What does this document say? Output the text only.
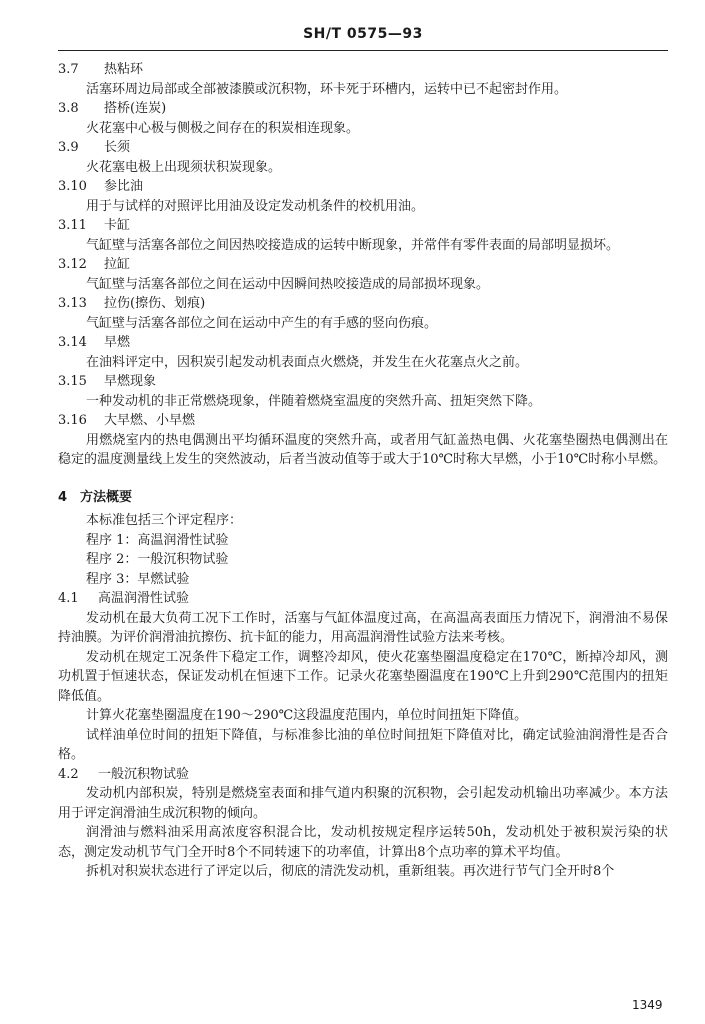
SH/T 0575—93

3.7 热粘环

活塞环周边局部或全部被漆膜或沉积物，环卡死于环槽内，运转中已不起密封作用。

3.8 搭桥(连炭)

火花塞中心极与侧极之间存在的积炭相连现象。

3.9 长须

火花塞电极上出现须状积炭现象。

3.10 参比油

用于与试样的对照评比用油及设定发动机条件的校机用油。

3.11 卡缸

气缸壁与活塞各部位之间因热咬接造成的运转中断现象，并常伴有零件表面的局部明显损坏。

3.12 拉缸

气缸壁与活塞各部位之间在运动中因瞬间热咬接造成的局部损坏现象。

3.13 拉伤(擦伤、划痕)

气缸壁与活塞各部位之间在运动中产生的有手感的竖向伤痕。

3.14 早燃

在油料评定中，因积炭引起发动机表面点火燃烧，并发生在火花塞点火之前。

3.15 早燃现象

一种发动机的非正常燃烧现象，伴随着燃烧室温度的突然升高、扭矩突然下降。

3.16 大早燃、小早燃

用燃烧室内的热电偶测出平均循环温度的突然升高，或者用气缸盖热电偶、火花塞垫圈热电偶测出在稳定的温度测量线上发生的突然波动，后者当波动值等于或大于10℃时称大早燃，小于10℃时称小早燃。

4 方法概要

本标准包括三个评定程序：

程序 1：高温润滑性试验

程序 2：一般沉积物试验

程序 3：早燃试验

4.1 高温润滑性试验

发动机在最大负荷工况下工作时，活塞与气缸体温度过高，在高温高表面压力情况下，润滑油不易保持油膜。为评价润滑油抗擦伤、抗卡缸的能力，用高温润滑性试验方法来考核。

发动机在规定工况条件下稳定工作，调整冷却风，使火花塞垫圈温度稳定在170℃，断掉冷却风，测功机置于恒速状态，保证发动机在恒速下工作。记录火花塞垫圈温度在190℃上升到290℃范围内的扭矩降低值。

计算火花塞垫圈温度在190～290℃这段温度范围内，单位时间扭矩下降值。

试样油单位时间的扭矩下降值，与标准参比油的单位时间扭矩下降值对比，确定试验油润滑性是否合格。

4.2 一般沉积物试验

发动机内部积炭，特别是燃烧室表面和排气道内积聚的沉积物，会引起发动机输出功率减少。本方法用于评定润滑油生成沉积物的倾向。

润滑油与燃料油采用高浓度容积混合比，发动机按规定程序运转50h，发动机处于被积炭污染的状态，测定发动机节气门全开时8个不同转速下的功率值，计算出8个点功率的算术平均值。

拆机对积炭状态进行了评定以后，彻底的清洗发动机，重新组装。再次进行节气门全开时8个

1349
